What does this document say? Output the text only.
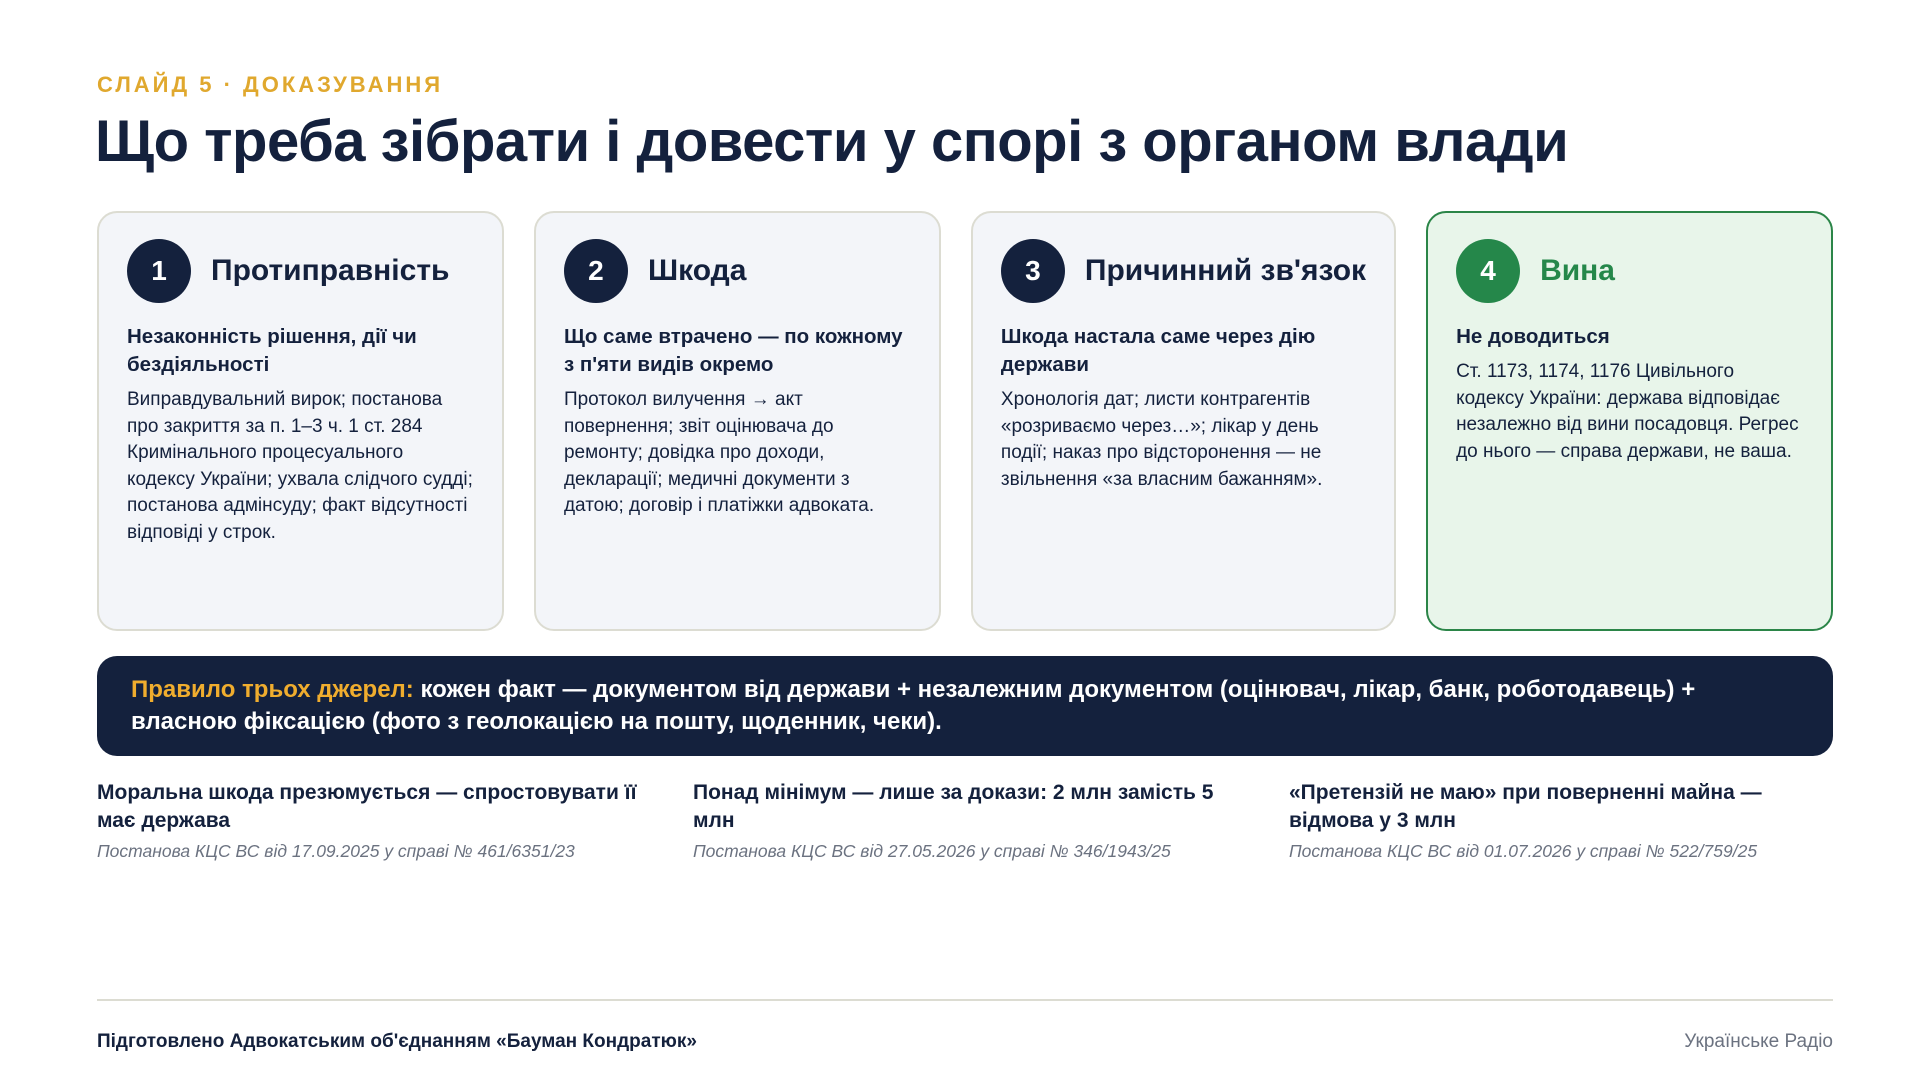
СЛАЙД 5 · ДОКАЗУВАННЯ
Що треба зібрати і довести у спорі з органом влади
1	Протиправність
Незаконність рішення, дії чи бездіяльності
Виправдувальний вирок; постанова про закриття за п. 1–3 ч. 1 ст. 284 Кримінального процесуального кодексу України; ухвала слідчого судді; постанова адмінсуду; факт відсутності відповіді у строк.
2	Шкода
Що саме втрачено — по кожному з п'яти видів окремо
Протокол вилучення → акт повернення; звіт оцінювача до ремонту; довідка про доходи, декларації; медичні документи з датою; договір і платіжки адвоката.
3	Причинний зв'язок
Шкода настала саме через дію держави
Хронологія дат; листи контрагентів «розриваємо через…»; лікар у день події; наказ про відсторонення — не звільнення «за власним бажанням».
4	Вина
Не доводиться
Ст. 1173, 1174, 1176 Цивільного кодексу України: держава відповідає незалежно від вини посадовця. Регрес до нього — справа держави, не ваша.
Правило трьох джерел: кожен факт — документом від держави + незалежним документом (оцінювач, лікар, банк, роботодавець) + власною фіксацією (фото з геолокацією на пошту, щоденник, чеки).
Моральна шкода презюмується — спростовувати її має держава
Постанова КЦС ВС від 17.09.2025 у справі № 461/6351/23
Понад мінімум — лише за докази: 2 млн замість 5 млн
Постанова КЦС ВС від 27.05.2026 у справі № 346/1943/25
«Претензій не маю» при поверненні майна — відмова у 3 млн
Постанова КЦС ВС від 01.07.2026 у справі № 522/759/25
Підготовлено Адвокатським об'єднанням «Бауман Кондратюк»	Українське Радіо
